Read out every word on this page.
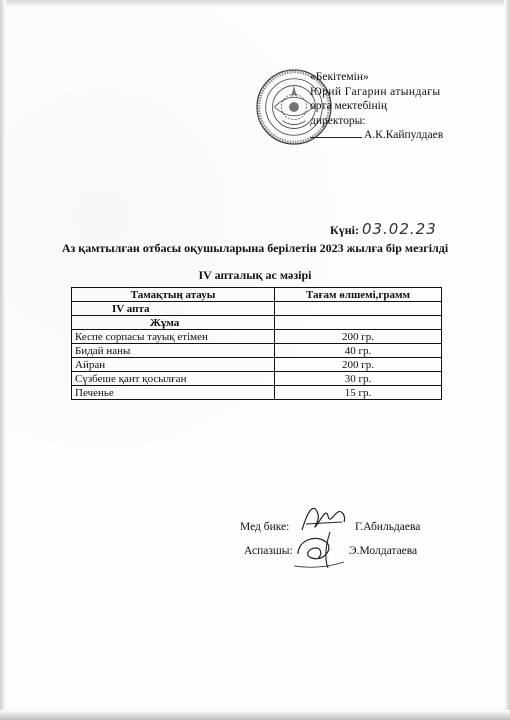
«Бекітемін»
Юрий Гагарин атындағы
орта мектебінің
директоры:
А.К.Кайпулдаев
Күні: 03.02.23
Аз қамтылған отбасы оқушыларына берілетін 2023 жылға бір мезгілді
IV апталық ас мәзірі
Тамақтың атауы	Тағам өлшемі,грамм
IV апта	
Жұма	
Кеспе сорпасы тауық етімен	200 гр.
Бидай наны	40 гр.
Айран	200 гр.
Сүзбеше қант қосылған	30 гр.
Печенье	15 гр.
Мед бике:	Г.Абильдаева
Аспазшы:	Э.Молдатаева
